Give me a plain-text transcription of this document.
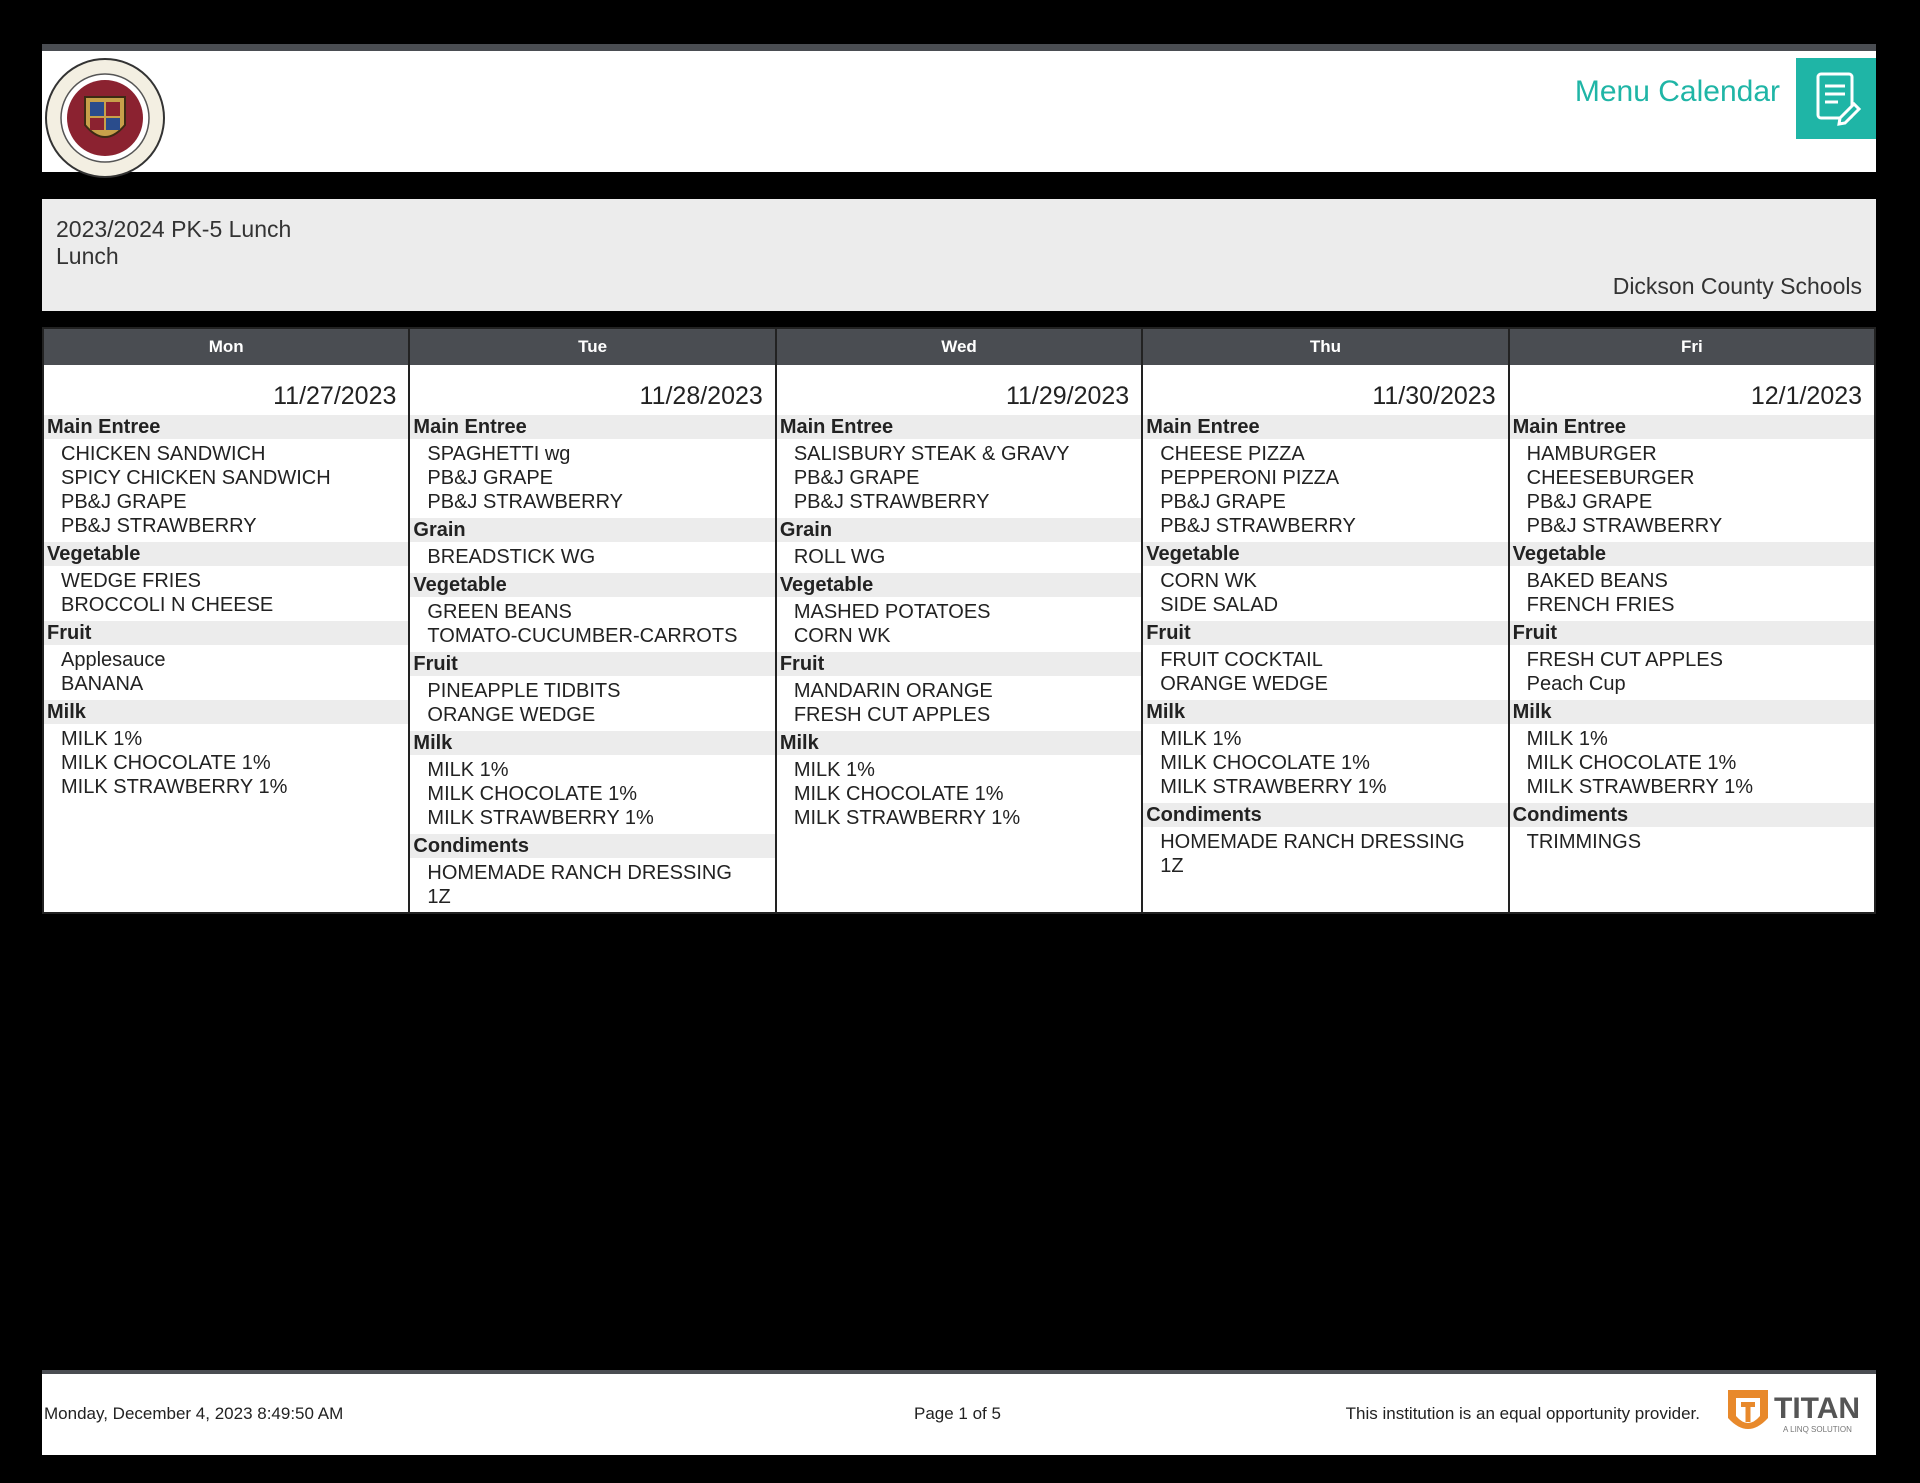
Menu Calendar
2023/2024 PK-5 Lunch
Lunch
Dickson County Schools
Mon
11/27/2023
Main Entree
CHICKEN SANDWICH
SPICY CHICKEN SANDWICH
PB&J GRAPE
PB&J STRAWBERRY
Vegetable
WEDGE FRIES
BROCCOLI N CHEESE
Fruit
Applesauce
BANANA
Milk
MILK 1%
MILK CHOCOLATE 1%
MILK STRAWBERRY 1%
Tue
11/28/2023
Main Entree
SPAGHETTI wg
PB&J GRAPE
PB&J STRAWBERRY
Grain
BREADSTICK WG
Vegetable
GREEN BEANS
TOMATO-CUCUMBER-CARROTS
Fruit
PINEAPPLE TIDBITS
ORANGE WEDGE
Milk
MILK 1%
MILK CHOCOLATE 1%
MILK STRAWBERRY 1%
Condiments
HOMEMADE RANCH DRESSING
1Z
Wed
11/29/2023
Main Entree
SALISBURY STEAK & GRAVY
PB&J GRAPE
PB&J STRAWBERRY
Grain
ROLL WG
Vegetable
MASHED POTATOES
CORN WK
Fruit
MANDARIN ORANGE
FRESH CUT APPLES
Milk
MILK 1%
MILK CHOCOLATE 1%
MILK STRAWBERRY 1%
Thu
11/30/2023
Main Entree
CHEESE PIZZA
PEPPERONI PIZZA
PB&J GRAPE
PB&J STRAWBERRY
Vegetable
CORN WK
SIDE SALAD
Fruit
FRUIT COCKTAIL
ORANGE WEDGE
Milk
MILK 1%
MILK CHOCOLATE 1%
MILK STRAWBERRY 1%
Condiments
HOMEMADE RANCH DRESSING
1Z
Fri
12/1/2023
Main Entree
HAMBURGER
CHEESEBURGER
PB&J GRAPE
PB&J STRAWBERRY
Vegetable
BAKED BEANS
FRENCH FRIES
Fruit
FRESH CUT APPLES
Peach Cup
Milk
MILK 1%
MILK CHOCOLATE 1%
MILK STRAWBERRY 1%
Condiments
TRIMMINGS
Monday, December 4, 2023 8:49:50 AM	Page 1 of 5	This institution is an equal opportunity provider. TITAN
A LINQ SOLUTION
